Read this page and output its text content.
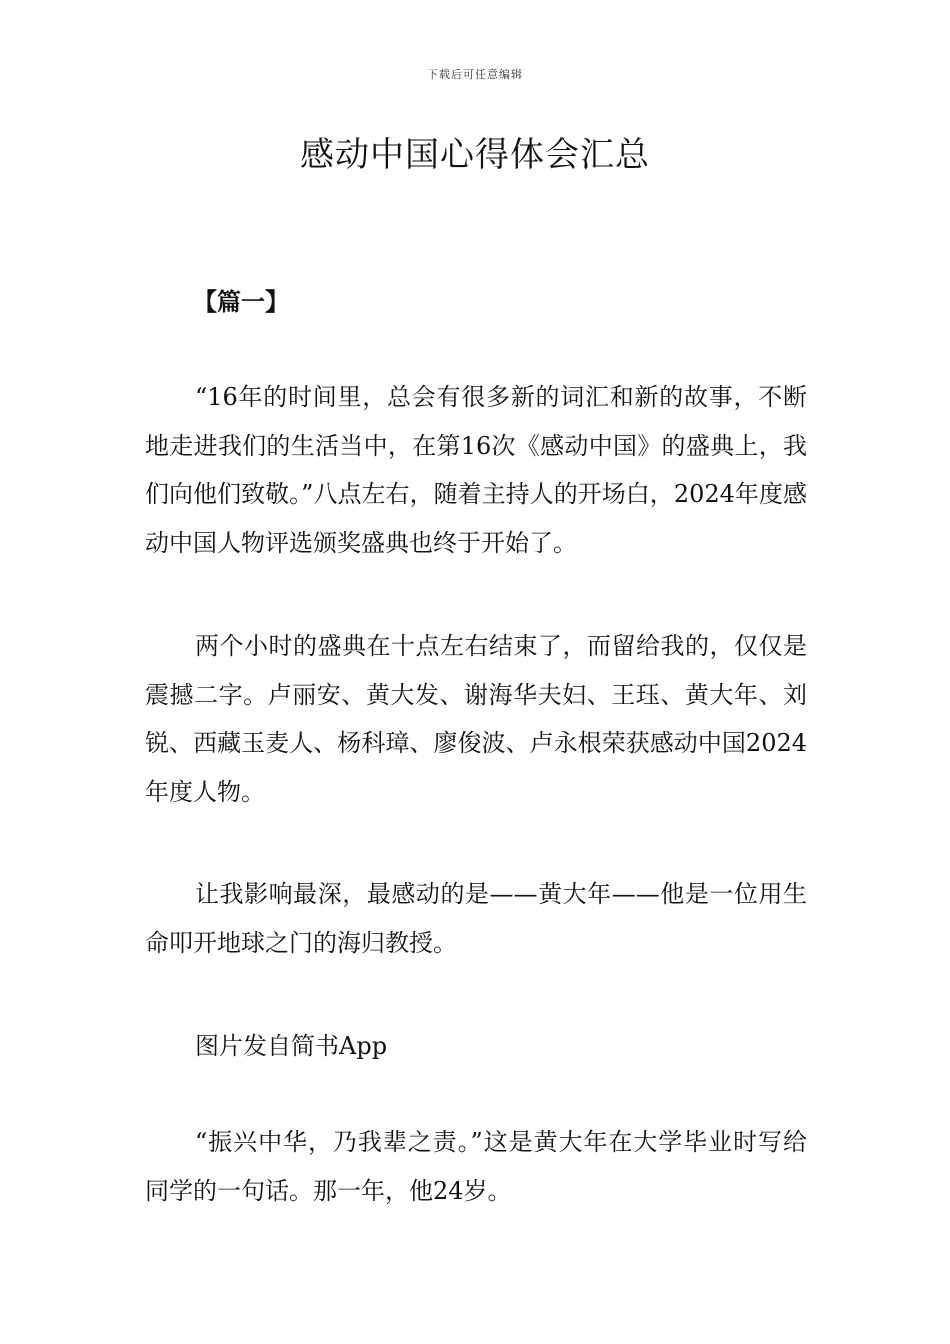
下载后可任意编辑
感动中国心得体会汇总
【篇一】

“16年的时间里，总会有很多新的词汇和新的故事，不断地走进我们的生活当中，在第16次《感动中国》的盛典上，我们向他们致敬。”八点左右，随着主持人的开场白，2024年度感动中国人物评选颁奖盛典也终于开始了。

两个小时的盛典在十点左右结束了，而留给我的，仅仅是震撼二字。卢丽安、黄大发、谢海华夫妇、王珏、黄大年、刘锐、西藏玉麦人、杨科璋、廖俊波、卢永根荣获感动中国2024年度人物。

让我影响最深，最感动的是——黄大年——他是一位用生命叩开地球之门的海归教授。

图片发自简书App

“振兴中华，乃我辈之责。”这是黄大年在大学毕业时写给同学的一句话。那一年，他24岁。
